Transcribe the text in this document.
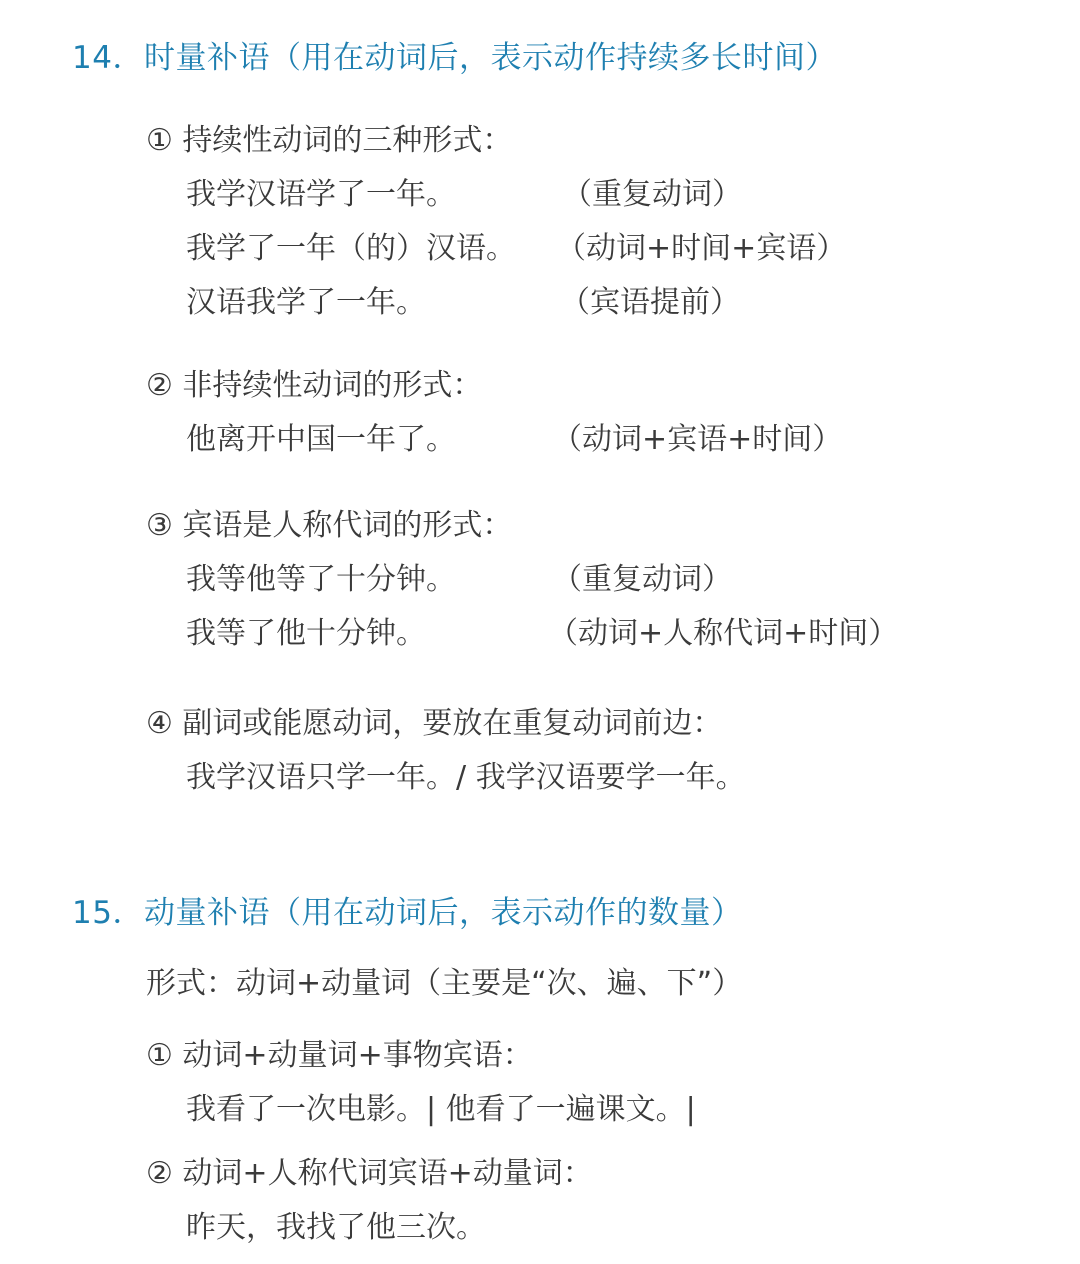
14．时量补语（用在动词后，表示动作持续多长时间）
① 持续性动词的三种形式：
我学汉语学了一年。	（重复动词）
我学了一年（的）汉语。 （动词+时间+宾语）
汉语我学了一年。	（宾语提前）
② 非持续性动词的形式：
他离开中国一年了。	（动词+宾语+时间）
③ 宾语是人称代词的形式：
我等他等了十分钟。	（重复动词）
我等了他十分钟。	（动词+人称代词+时间）
④ 副词或能愿动词，要放在重复动词前边：
我学汉语只学一年。/ 我学汉语要学一年。
15．动量补语（用在动词后，表示动作的数量）
形式：动词+动量词（主要是“次、遍、下”）
① 动词+动量词+事物宾语：
我看了一次电影。| 他看了一遍课文。|
② 动词+人称代词宾语+动量词：
昨天，我找了他三次。
